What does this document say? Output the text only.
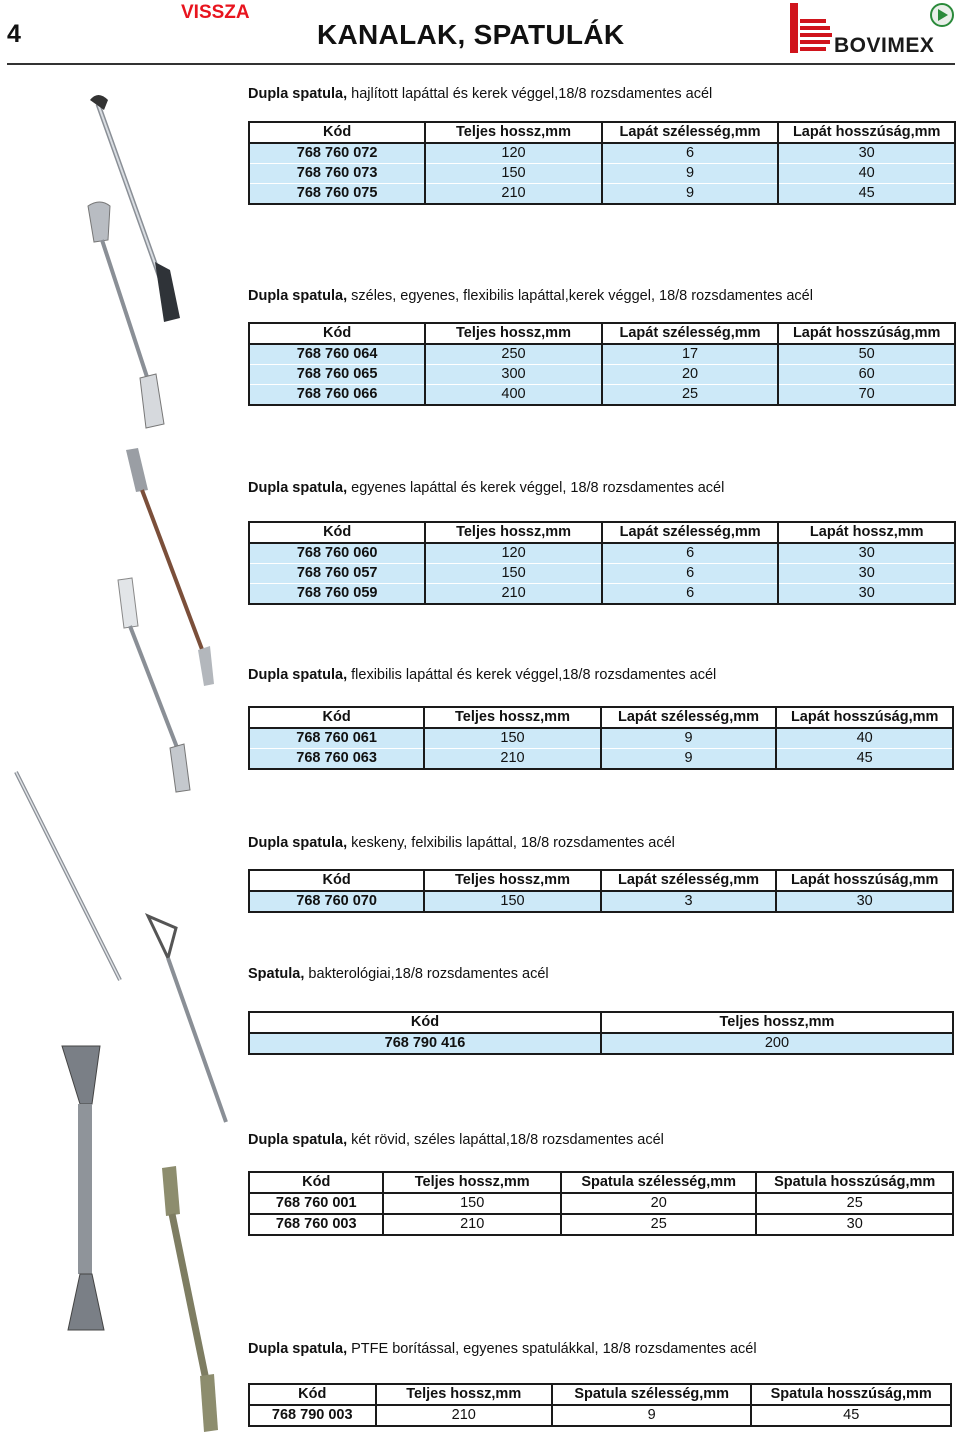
4
VISSZA
KANALAK, SPATULÁK	BOVIMEX

Dupla spatula, hajlított lapáttal és kerek véggel,18/8 rozsdamentes acél

Kód	Teljes hossz,mm	Lapát szélesség,mm	Lapát hosszúság,mm
768 760 072	120	6	30
768 760 073	150	9	40
768 760 075	210	9	45

Dupla spatula, széles, egyenes, flexibilis lapáttal,kerek véggel, 18/8 rozsdamentes acél

Kód	Teljes hossz,mm	Lapát szélesség,mm	Lapát hosszúság,mm
768 760 064	250	17	50
768 760 065	300	20	60
768 760 066	400	25	70

Dupla spatula, egyenes lapáttal és kerek véggel, 18/8 rozsdamentes acél

Kód	Teljes hossz,mm	Lapát szélesség,mm	Lapát hossz,mm
768 760 060	120	6	30
768 760 057	150	6	30
768 760 059	210	6	30

Dupla spatula, flexibilis lapáttal és kerek véggel,18/8 rozsdamentes acél

Kód	Teljes hossz,mm	Lapát szélesség,mm	Lapát hosszúság,mm
768 760 061	150	9	40
768 760 063	210	9	45

Dupla spatula, keskeny, felxibilis lapáttal, 18/8 rozsdamentes acél

Kód	Teljes hossz,mm	Lapát szélesség,mm	Lapát hosszúság,mm
768 760 070	150	3	30

Spatula, bakterológiai,18/8 rozsdamentes acél

Kód	Teljes hossz,mm
768 790 416	200

Dupla spatula, két rövid, széles lapáttal,18/8 rozsdamentes acél

Kód	Teljes hossz,mm	Spatula szélesség,mm	Spatula hosszúság,mm
768 760 001	150	20	25
768 760 003	210	25	30

Dupla spatula, PTFE borítással, egyenes spatulákkal, 18/8 rozsdamentes acél

Kód	Teljes hossz,mm	Spatula szélesség,mm	Spatula hosszúság,mm
768 790 003	210	9	45
